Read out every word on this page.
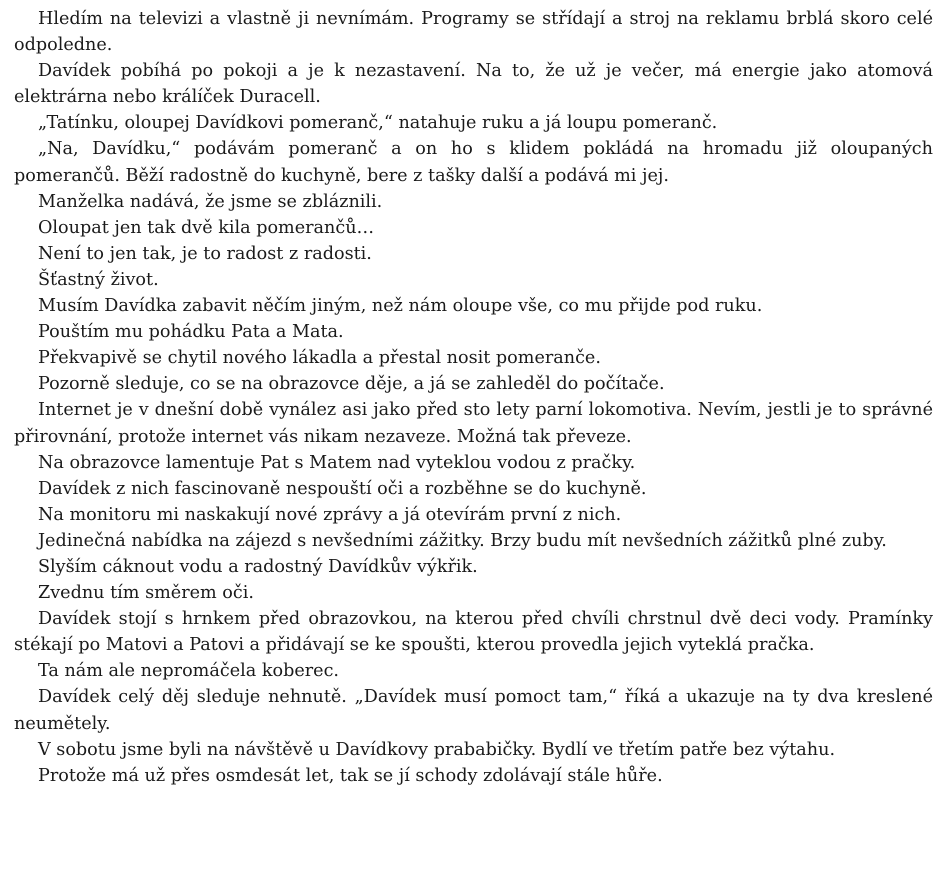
Hledím na televizi a vlastně ji nevnímám. Programy se střídají a stroj na reklamu brblá skoro celé odpoledne.

Davídek pobíhá po pokoji a je k nezastavení. Na to, že už je večer, má energie jako atomová elektrárna nebo králíček Duracell.

„Tatínku, oloupej Davídkovi pomeranč,“ natahuje ruku a já loupu pomeranč.

„Na, Davídku,“ podávám pomeranč a on ho s klidem pokládá na hromadu již oloupaných pomerančů. Běží radostně do kuchyně, bere z tašky další a podává mi jej.

Manželka nadává, že jsme se zbláznili.

Oloupat jen tak dvě kila pomerančů…

Není to jen tak, je to radost z radosti.

Šťastný život.

Musím Davídka zabavit něčím jiným, než nám oloupe vše, co mu přijde pod ruku.

Pouštím mu pohádku Pata a Mata.

Překvapivě se chytil nového lákadla a přestal nosit pomeranče.

Pozorně sleduje, co se na obrazovce děje, a já se zahleděl do počítače.

Internet je v dnešní době vynález asi jako před sto lety parní lokomotiva. Nevím, jestli je to správné přirovnání, protože internet vás nikam nezaveze. Možná tak převeze.

Na obrazovce lamentuje Pat s Matem nad vyteklou vodou z pračky.

Davídek z nich fascinovaně nespouští oči a rozběhne se do kuchyně.

Na monitoru mi naskakují nové zprávy a já otevírám první z nich.

Jedinečná nabídka na zájezd s nevšedními zážitky. Brzy budu mít nevšedních zážitků plné zuby.

Slyším cáknout vodu a radostný Davídkův výkřik.

Zvednu tím směrem oči.

Davídek stojí s hrnkem před obrazovkou, na kterou před chvíli chrstnul dvě deci vody. Pramínky stékají po Matovi a Patovi a přidávají se ke spoušti, kterou provedla jejich vyteklá pračka.

Ta nám ale nepromáčela koberec.

Davídek celý děj sleduje nehnutě. „Davídek musí pomoct tam,“ říká a ukazuje na ty dva kreslené neumětely.

V sobotu jsme byli na návštěvě u Davídkovy prababičky. Bydlí ve třetím patře bez výtahu.

Protože má už přes osmdesát let, tak se jí schody zdolávají stále hůře.
